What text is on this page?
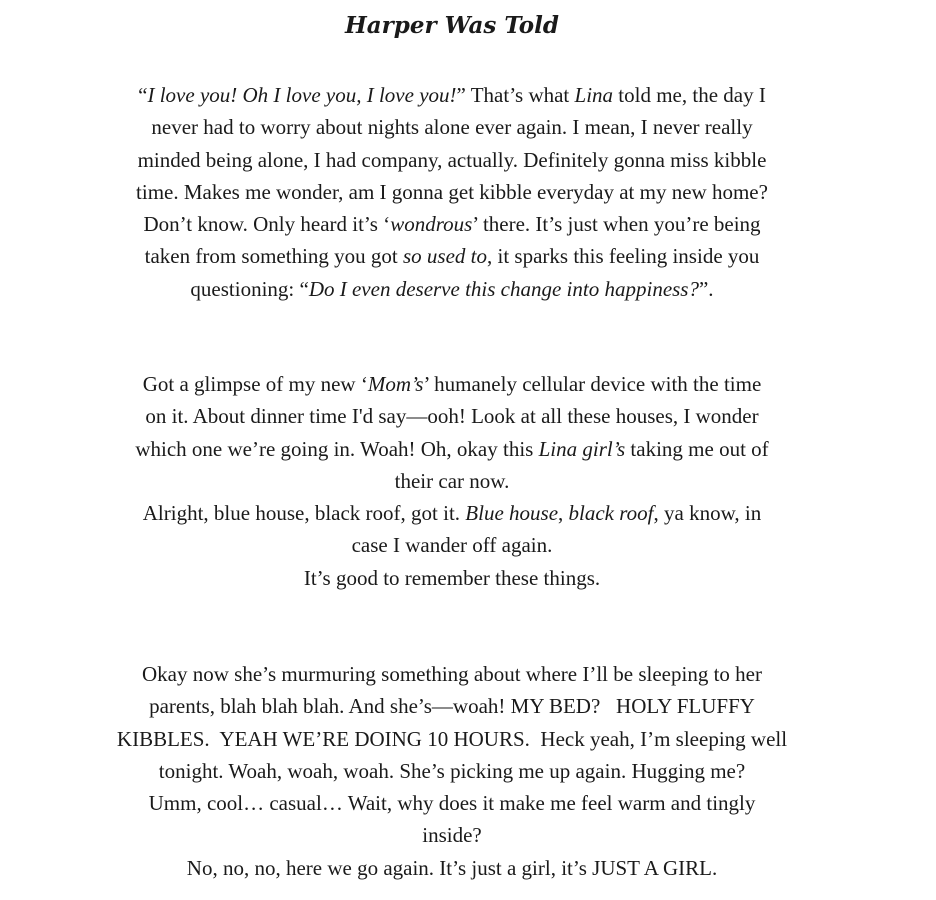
Harper Was Told
“I love you! Oh I love you, I love you!” That’s what Lina told me, the day I
never had to worry about nights alone ever again. I mean, I never really
minded being alone, I had company, actually. Definitely gonna miss kibble
time. Makes me wonder, am I gonna get kibble everyday at my new home?
Don’t know. Only heard it’s ‘wondrous’ there. It’s just when you’re being
taken from something you got so used to, it sparks this feeling inside you
questioning: “Do I even deserve this change into happiness?”.
Got a glimpse of my new ‘Mom’s’ humanely cellular device with the time
on it. About dinner time I'd say—ooh! Look at all these houses, I wonder
which one we’re going in. Woah! Oh, okay this Lina girl’s taking me out of
their car now.
Alright, blue house, black roof, got it. Blue house, black roof, ya know, in
case I wander off again.
It’s good to remember these things.
Okay now she’s murmuring something about where I’ll be sleeping to her
parents, blah blah blah. And she’s—woah! MY BED?   HOLY FLUFFY
KIBBLES.  YEAH WE’RE DOING 10 HOURS.  Heck yeah, I’m sleeping well
tonight. Woah, woah, woah. She’s picking me up again. Hugging me?
Umm, cool… casual… Wait, why does it make me feel warm and tingly
inside?
No, no, no, here we go again. It’s just a girl, it’s JUST A GIRL.
